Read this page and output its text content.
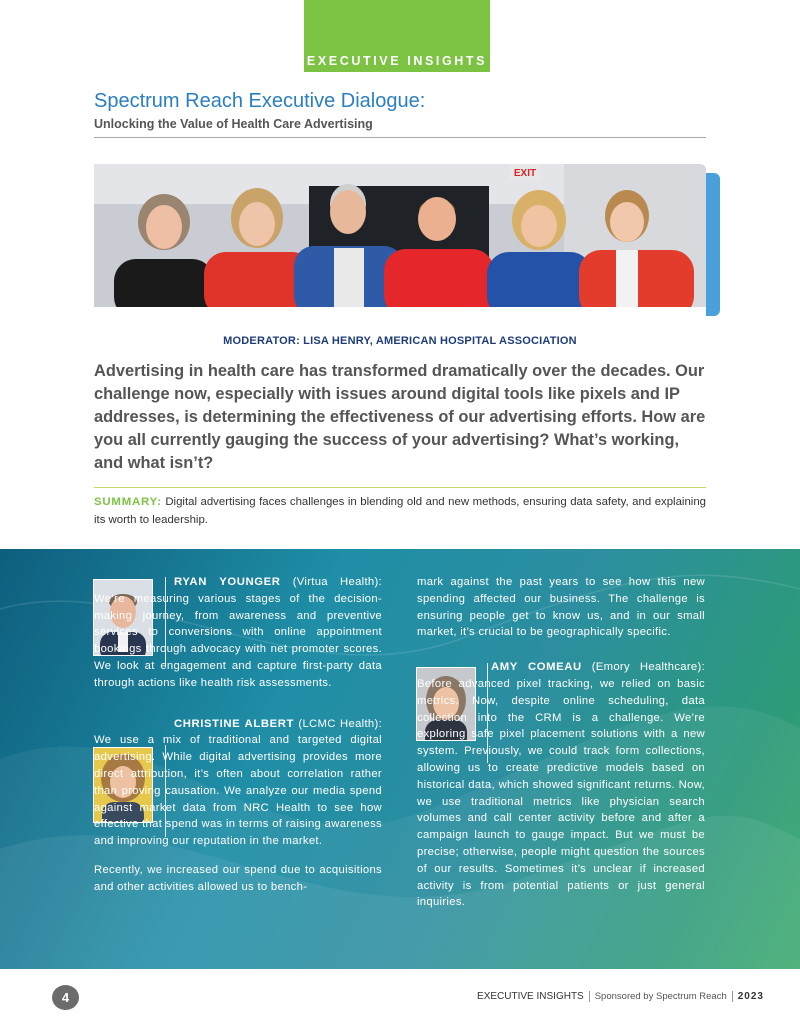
EXECUTIVE INSIGHTS
Spectrum Reach Executive Dialogue:
Unlocking the Value of Health Care Advertising
EXIT
MODERATOR: LISA HENRY, AMERICAN HOSPITAL ASSOCIATION

Advertising in health care has transformed dramatically over the decades. Our challenge now, especially with issues around digital tools like pixels and IP addresses, is determining the effectiveness of our advertising efforts. How are you all currently gauging the success of your advertising? What’s working, and what isn’t?

SUMMARY: Digital advertising faces challenges in blending old and new methods, ensuring data safety, and explaining its worth to leadership.

RYAN YOUNGER (Virtua Health): We’re measuring various stages of the decision-making journey, from awareness and preventive services to conversions with online appointment bookings through advocacy with net promoter scores. We look at engagement and capture first-party data through actions like health risk assessments.

CHRISTINE ALBERT (LCMC Health): We use a mix of traditional and targeted digital advertising. While digital advertising provides more direct attribution, it’s often about correlation rather than proving causation. We analyze our media spend against market data from NRC Health to see how effective that spend was in terms of raising awareness and improving our reputation in the market.

Recently, we increased our spend due to acquisitions and other activities allowed us to bench-

mark against the past years to see how this new spending affected our business. The challenge is ensuring people get to know us, and in our small market, it’s crucial to be geographically specific.

AMY COMEAU (Emory Healthcare): Before advanced pixel tracking, we relied on basic metrics. Now, despite online scheduling, data collection into the CRM is a challenge. We’re exploring safe pixel placement solutions with a new system. Previously, we could track form collections, allowing us to create predictive models based on historical data, which showed significant returns. Now, we use traditional metrics like physician search volumes and call center activity before and after a campaign launch to gauge impact. But we must be precise; otherwise, people might question the sources of our results. Sometimes it’s unclear if increased activity is from potential patients or just general inquiries.

4	EXECUTIVE INSIGHTS Sponsored by Spectrum Reach 2023
